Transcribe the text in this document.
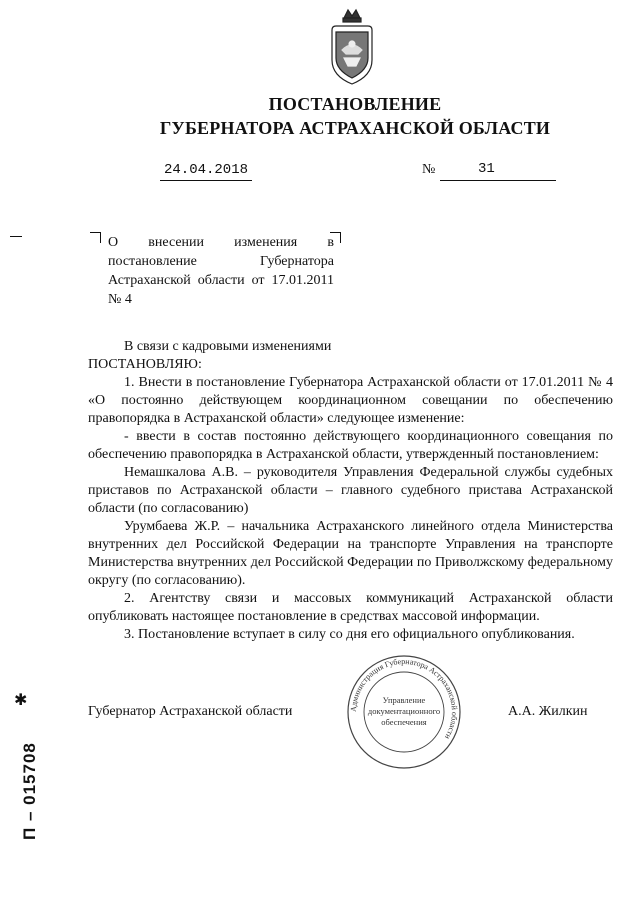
ПОСТАНОВЛЕНИЕ
ГУБЕРНАТОРА АСТРАХАНСКОЙ ОБЛАСТИ
24.04.2018	№	31
О внесении изменения в постановление Губернатора Астраханской области от 17.01.2011 № 4

В связи с кадровыми изменениями

ПОСТАНОВЛЯЮ:

1. Внести в постановление Губернатора Астраханской области от 17.01.2011 № 4 «О постоянно действующем координационном совещании по обеспечению правопорядка в Астраханской области» следующее изменение:

- ввести в состав постоянно действующего координационного совещания по обеспечению правопорядка в Астраханской области, утвержденный постановлением:

Немашкалова А.В. – руководителя Управления Федеральной службы судебных приставов по Астраханской области – главного судебного пристава Астраханской области (по согласованию)

Урумбаева Ж.Р. – начальника Астраханского линейного отдела Министерства внутренних дел Российской Федерации на транспорте Управления на транспорте Министерства внутренних дел Российской Федерации по Приволжскому федеральному округу (по согласованию).

2. Агентству связи и массовых коммуникаций Астраханской области опубликовать настоящее постановление в средствах массовой информации.

3. Постановление вступает в силу со дня его официального опубликования.

Администрация Губернатора Астраханской области
Управление
документационного
обеспечения
Губернатор Астраханской области	А.А. Жилкин
✱
П – 015708
